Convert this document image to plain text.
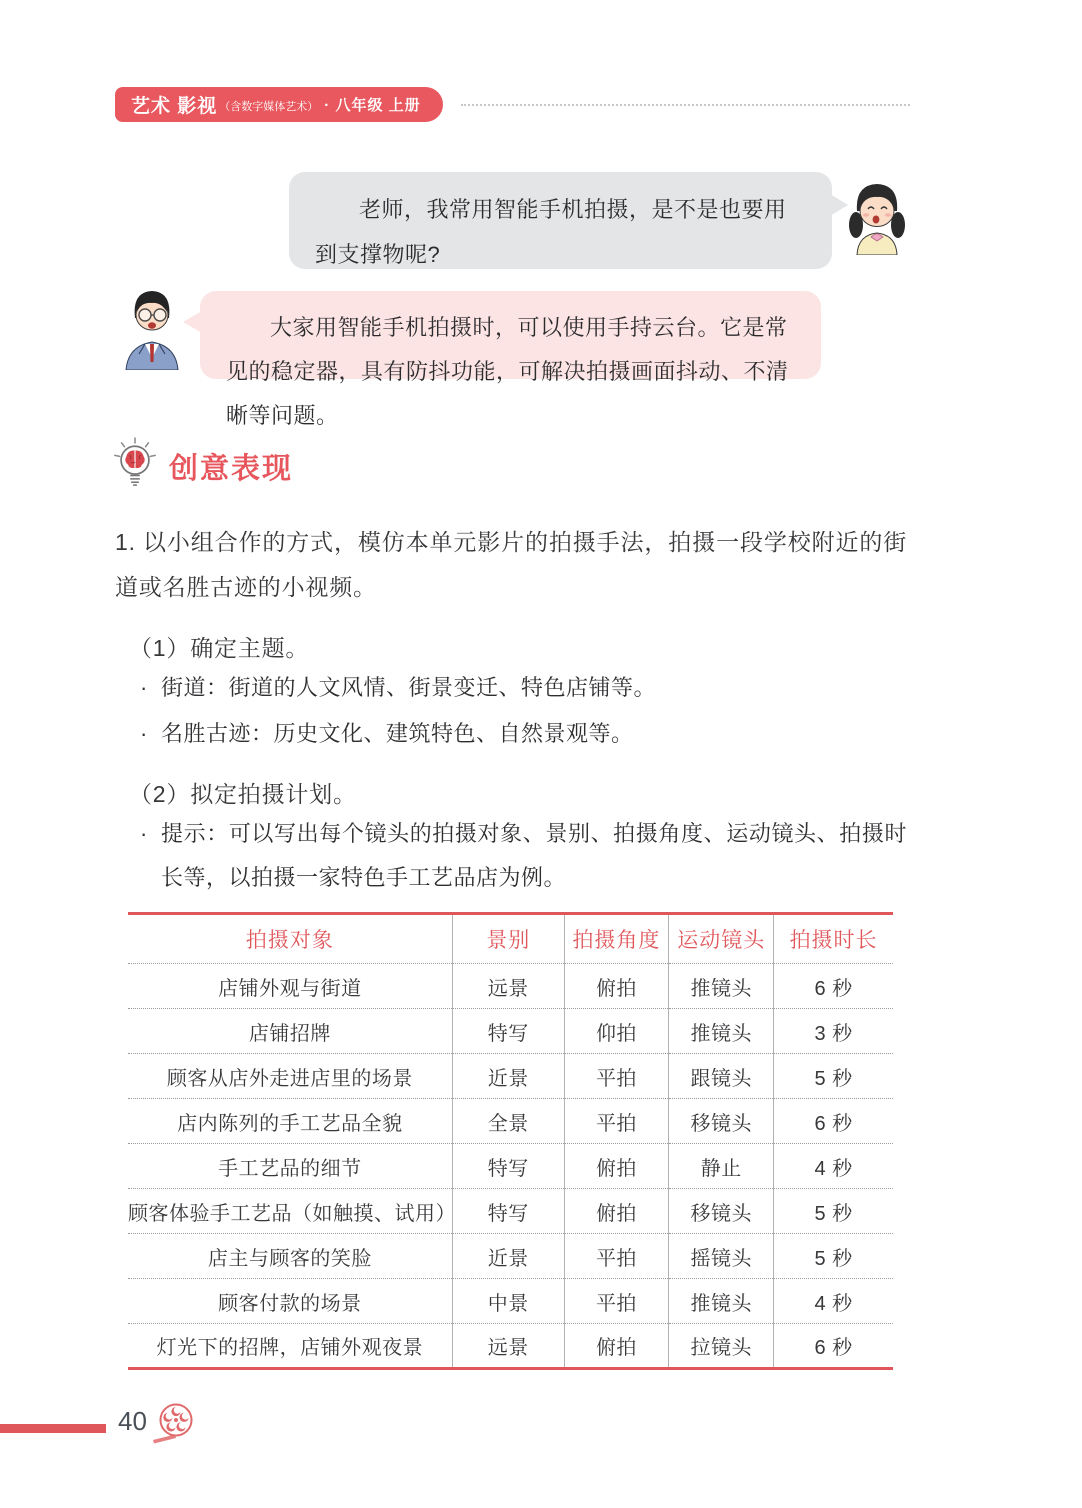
艺术 影视 （含数字媒体艺术） · 八年级 上册
老师，我常用智能手机拍摄，是不是也要用到支撑物呢?
大家用智能手机拍摄时，可以使用手持云台。它是常见的稳定器，具有防抖功能，可解决拍摄画面抖动、不清晰等问题。
创意表现

1. 以小组合作的方式，模仿本单元影片的拍摄手法，拍摄一段学校附近的街道或名胜古迹的小视频。

（1）确定主题。

· 街道：街道的人文风情、街景变迁、特色店铺等。

· 名胜古迹：历史文化、建筑特色、自然景观等。

（2）拟定拍摄计划。

· 提示：可以写出每个镜头的拍摄对象、景别、拍摄角度、运动镜头、拍摄时长等，以拍摄一家特色手工艺品店为例。

拍摄对象	景别	拍摄角度	运动镜头	拍摄时长
店铺外观与街道	远景	俯拍	推镜头	6 秒
店铺招牌	特写	仰拍	推镜头	3 秒
顾客从店外走进店里的场景	近景	平拍	跟镜头	5 秒
店内陈列的手工艺品全貌	全景	平拍	移镜头	6 秒
手工艺品的细节	特写	俯拍	静止	4 秒
顾客体验手工艺品（如触摸、试用）	特写	俯拍	移镜头	5 秒
店主与顾客的笑脸	近景	平拍	摇镜头	5 秒
顾客付款的场景	中景	平拍	推镜头	4 秒
灯光下的招牌，店铺外观夜景	远景	俯拍	拉镜头	6 秒
40
